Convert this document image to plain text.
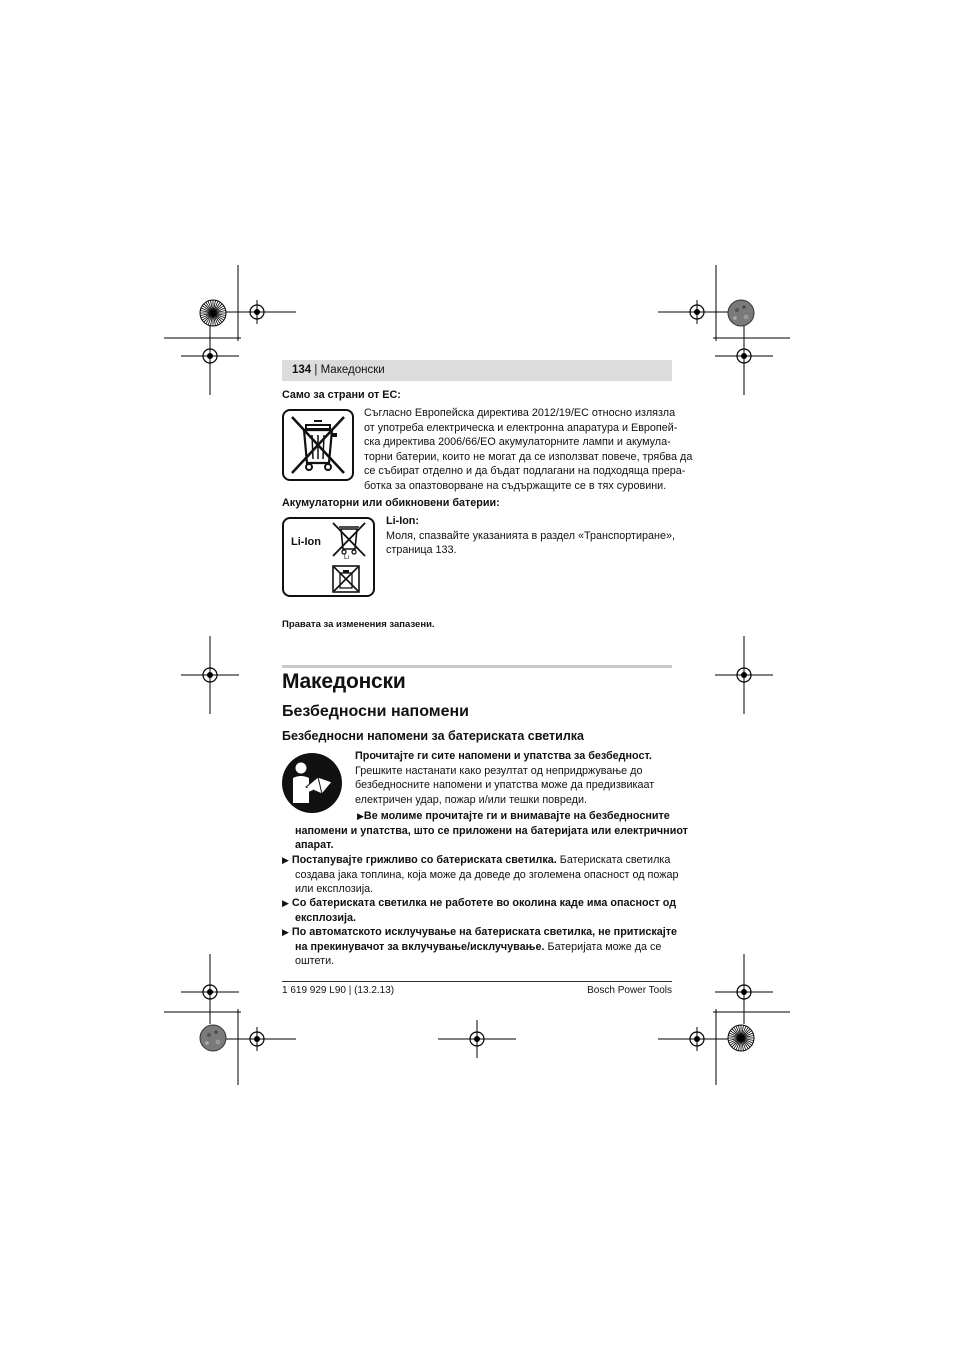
134 | Македонски
Само за страни от ЕС:
Съгласно Европейска директива 2012/19/ЕС относно излязла
от употреба електрическа и електронна апаратура и Европей-
ска директива 2006/66/ЕО акумулаторните лампи и акумула-
торни батерии, които не могат да се използват повече, трябва да
се събират отделно и да бъдат подлагани на подходяща прера-
ботка за опазтоворване на съдържащите се в тях суровини.
Акумулаторни или обикновени батерии:
Li-Ion
Li
Li-Ion:
Моля, спазвайте указанията в раздел «Транспортиране»,
страница 133.
Правата за изменения запазени.
Македонски
Безбедносни напомени
Безбедносни напомени за батериската светилка
Прочитајте ги сите напомени и упатства за безбедност.
Грешките настанати како резултат од непридржување до
безбедносните напомени и упатства може да предизвикаат
електричен удар, пожар и/или тешки повреди.
▶Ве молиме прочитајте ги и внимавајте на безбедносните
напомени и упатства, што се приложени на батеријата или електричниот
апарат.
▶ Постапувајте грижливо со батериската светилка. Батериската светилка
создава јака топлина, која може да доведе до зголемена опасност од пожар
или експлозија.
▶ Со батериската светилка не работете во околина каде има опасност од
експлозија.
▶ По автоматското исклучување на батериската светилка, не притискајте
на прекинувачот за вклучување/исклучување. Батеријата може да се
оштети.
1 619 929 L90 | (13.2.13)	Bosch Power Tools
